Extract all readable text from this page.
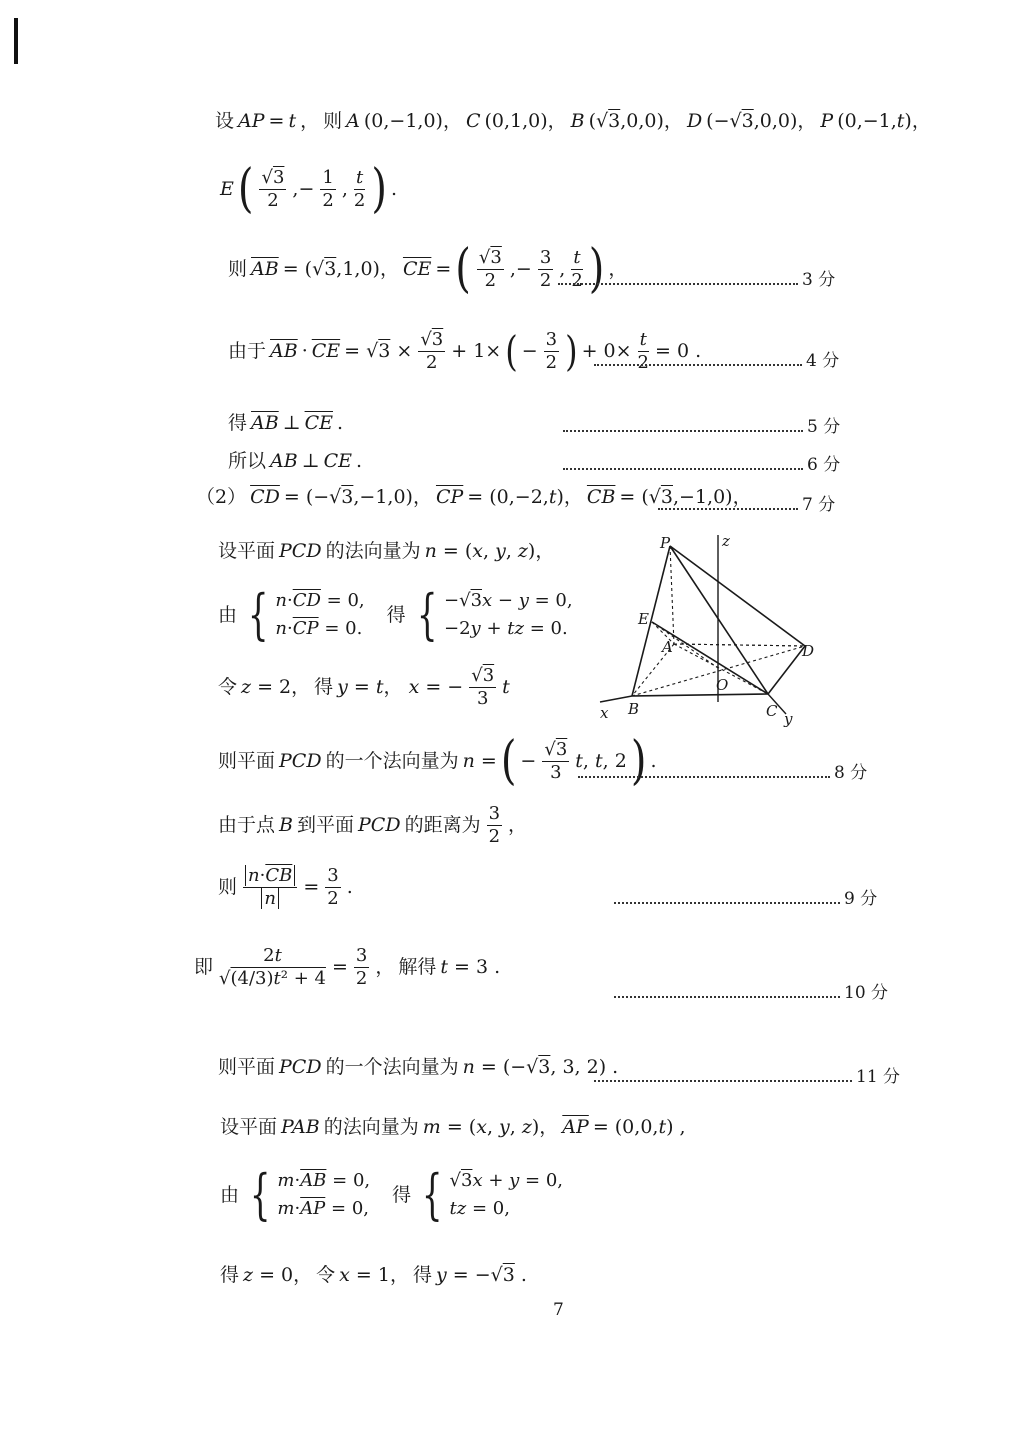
设 AP = t ， 则 A (0,−1,0)， C (0,1,0)， B (√3,0,0)， D (−√3,0,0)， P (0,−1,t)，
E ( $\frac{√3}{2}$ ,− $\frac{1}{2}$ , $\frac{t}{2}$ ) .
则 $\overline{AB} = (√3,1,0)$， $\overline{CE}$ = ( $\frac{√3}{2}$ ,− $\frac{3}{2}$ , $\frac{t}{2}$ ) ，
3 分
由于 $\overline{AB} \cdot \overline{CE} = √3 \times \frac{√3}{2} + 1\times$ ( − $\frac{3}{2}$ ) + $0\times \frac{t}{2} = 0$ .	4 分
得 $\overline{AB}$ ⊥ $\overline{CE}$ .	5 分
所以 AB ⊥ CE .	6 分
（2） $\overline{CD} = (-√3,-1,0)$， $\overline{CP} = (0,-2,t)$， $\overline{CB} = (√3,-1,0)$，	7 分
设平面 PCD 的法向量为 n = (x, y, z)，
由 { $n\cdot\overline{CD} = 0$,
$n\cdot\overline{CP} = 0$.
得 { −√3x − y = 0,
−2y + tz = 0.
令 z = 2， 得 y = t， x = − $\frac{√3}{3}$ t
P	z
E
A	D
O
x B	C y
则平面 PCD 的一个法向量为 n = ( − $\frac{√3}{3} t$, t, 2 ) .
8 分
由于点 B 到平面 PCD 的距离为 $\frac{3}{2}$ ，
则 $\frac{n\cdot\overline{CB}}{n} = \frac{3}{2}$ .
9 分
即 $\frac{2t}{\text{√(4/3)t² + 4}} = \frac{3}{2}$ ， 解得 t = 3 .
10 分
则平面 PCD 的一个法向量为 n = (−√3, 3, 2) .	11 分
设平面 PAB 的法向量为 m = (x, y, z)， $\overline{AP} = (0,0,t)$ ,
由 { $m\cdot\overline{AB} = 0$,
$m\cdot\overline{AP} = 0$,
得 { √3x + y = 0,
tz = 0,
得 z = 0， 令 x = 1， 得 y = −√3 .
7
